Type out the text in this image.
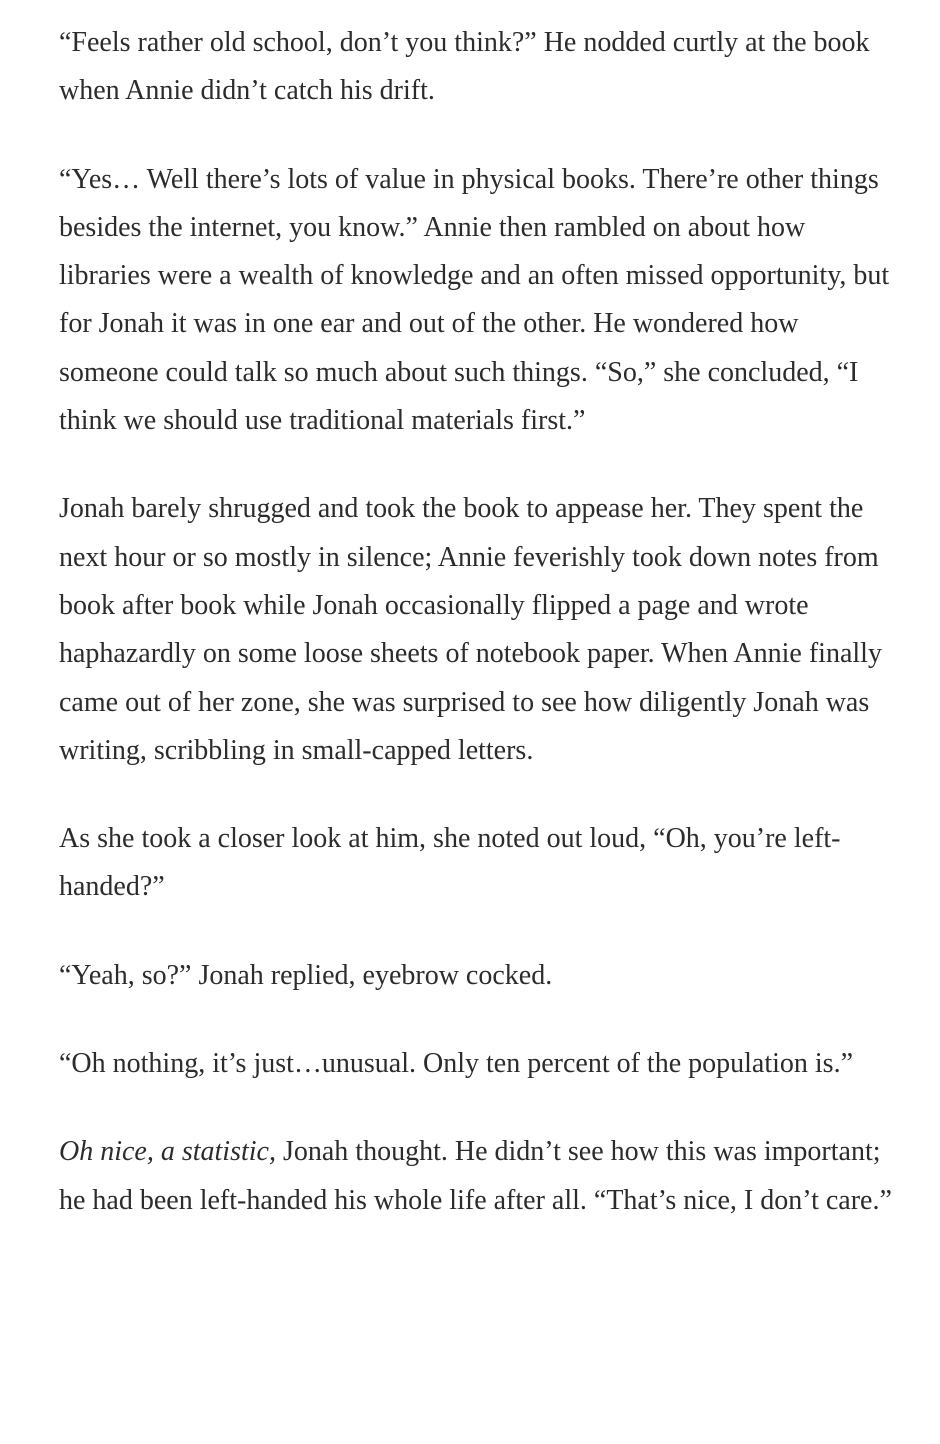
“Feels rather old school, don’t you think?” He nodded curtly at the book when Annie didn’t catch his drift.

“Yes… Well there’s lots of value in physical books. There’re other things besides the internet, you know.” Annie then rambled on about how libraries were a wealth of knowledge and an often missed opportunity, but for Jonah it was in one ear and out of the other. He wondered how someone could talk so much about such things. “So,” she concluded, “I think we should use traditional materials first.”

Jonah barely shrugged and took the book to appease her. They spent the next hour or so mostly in silence; Annie feverishly took down notes from book after book while Jonah occasionally flipped a page and wrote haphazardly on some loose sheets of notebook paper. When Annie finally came out of her zone, she was surprised to see how diligently Jonah was writing, scribbling in small-capped letters.

As she took a closer look at him, she noted out loud, “Oh, you’re left-handed?”

“Yeah, so?” Jonah replied, eyebrow cocked.

“Oh nothing, it’s just…unusual. Only ten percent of the population is.”

Oh nice, a statistic, Jonah thought. He didn’t see how this was important; he had been left-handed his whole life after all. “That’s nice, I don’t care.”
